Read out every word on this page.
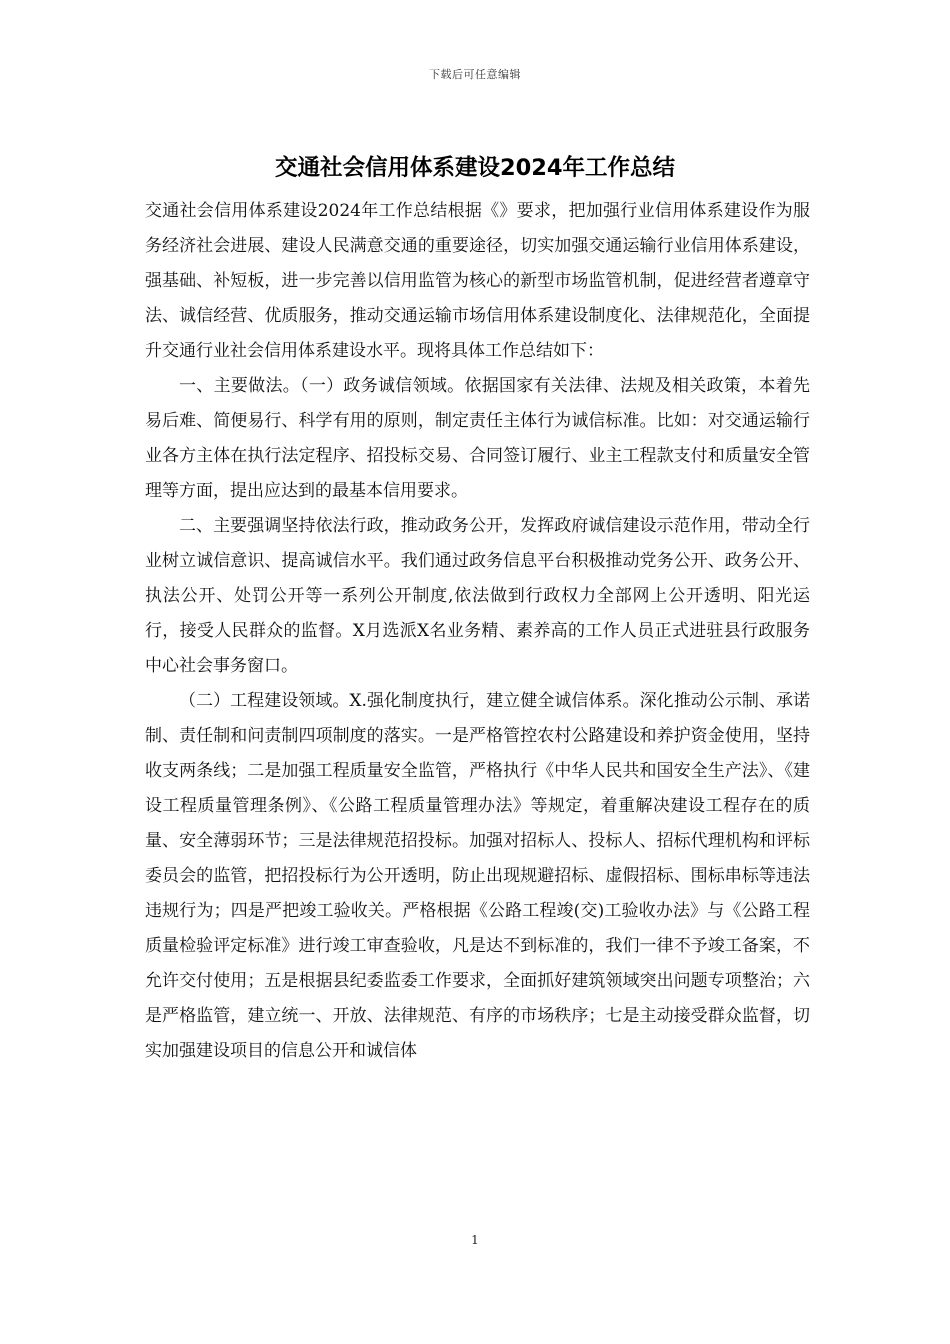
下载后可任意编辑
交通社会信用体系建设2024年工作总结

交通社会信用体系建设2024年工作总结根据《》要求，把加强行业信用体系建设作为服务经济社会进展、建设人民满意交通的重要途径，切实加强交通运输行业信用体系建设，强基础、补短板，进一步完善以信用监管为核心的新型市场监管机制，促进经营者遵章守法、诚信经营、优质服务，推动交通运输市场信用体系建设制度化、法律规范化，全面提升交通行业社会信用体系建设水平。现将具体工作总结如下：

一、主要做法。（一）政务诚信领域。依据国家有关法律、法规及相关政策，本着先易后难、简便易行、科学有用的原则，制定责任主体行为诚信标准。比如：对交通运输行业各方主体在执行法定程序、招投标交易、合同签订履行、业主工程款支付和质量安全管理等方面，提出应达到的最基本信用要求。

二、主要强调坚持依法行政，推动政务公开，发挥政府诚信建设示范作用，带动全行业树立诚信意识、提高诚信水平。我们通过政务信息平台积极推动党务公开、政务公开、执法公开、处罚公开等一系列公开制度,依法做到行政权力全部网上公开透明、阳光运行，接受人民群众的监督。X月选派X名业务精、素养高的工作人员正式进驻县行政服务中心社会事务窗口。

（二）工程建设领域。X.强化制度执行，建立健全诚信体系。深化推动公示制、承诺制、责任制和问责制四项制度的落实。一是严格管控农村公路建设和养护资金使用，坚持收支两条线；二是加强工程质量安全监管，严格执行《中华人民共和国安全生产法》、《建设工程质量管理条例》、《公路工程质量管理办法》等规定，着重解决建设工程存在的质量、安全薄弱环节；三是法律规范招投标。加强对招标人、投标人、招标代理机构和评标委员会的监管，把招投标行为公开透明，防止出现规避招标、虚假招标、围标串标等违法违规行为；四是严把竣工验收关。严格根据《公路工程竣(交)工验收办法》与《公路工程质量检验评定标准》进行竣工审查验收，凡是达不到标准的，我们一律不予竣工备案，不允许交付使用；五是根据县纪委监委工作要求，全面抓好建筑领域突出问题专项整治；六是严格监管，建立统一、开放、法律规范、有序的市场秩序；七是主动接受群众监督，切实加强建设项目的信息公开和诚信体

1
